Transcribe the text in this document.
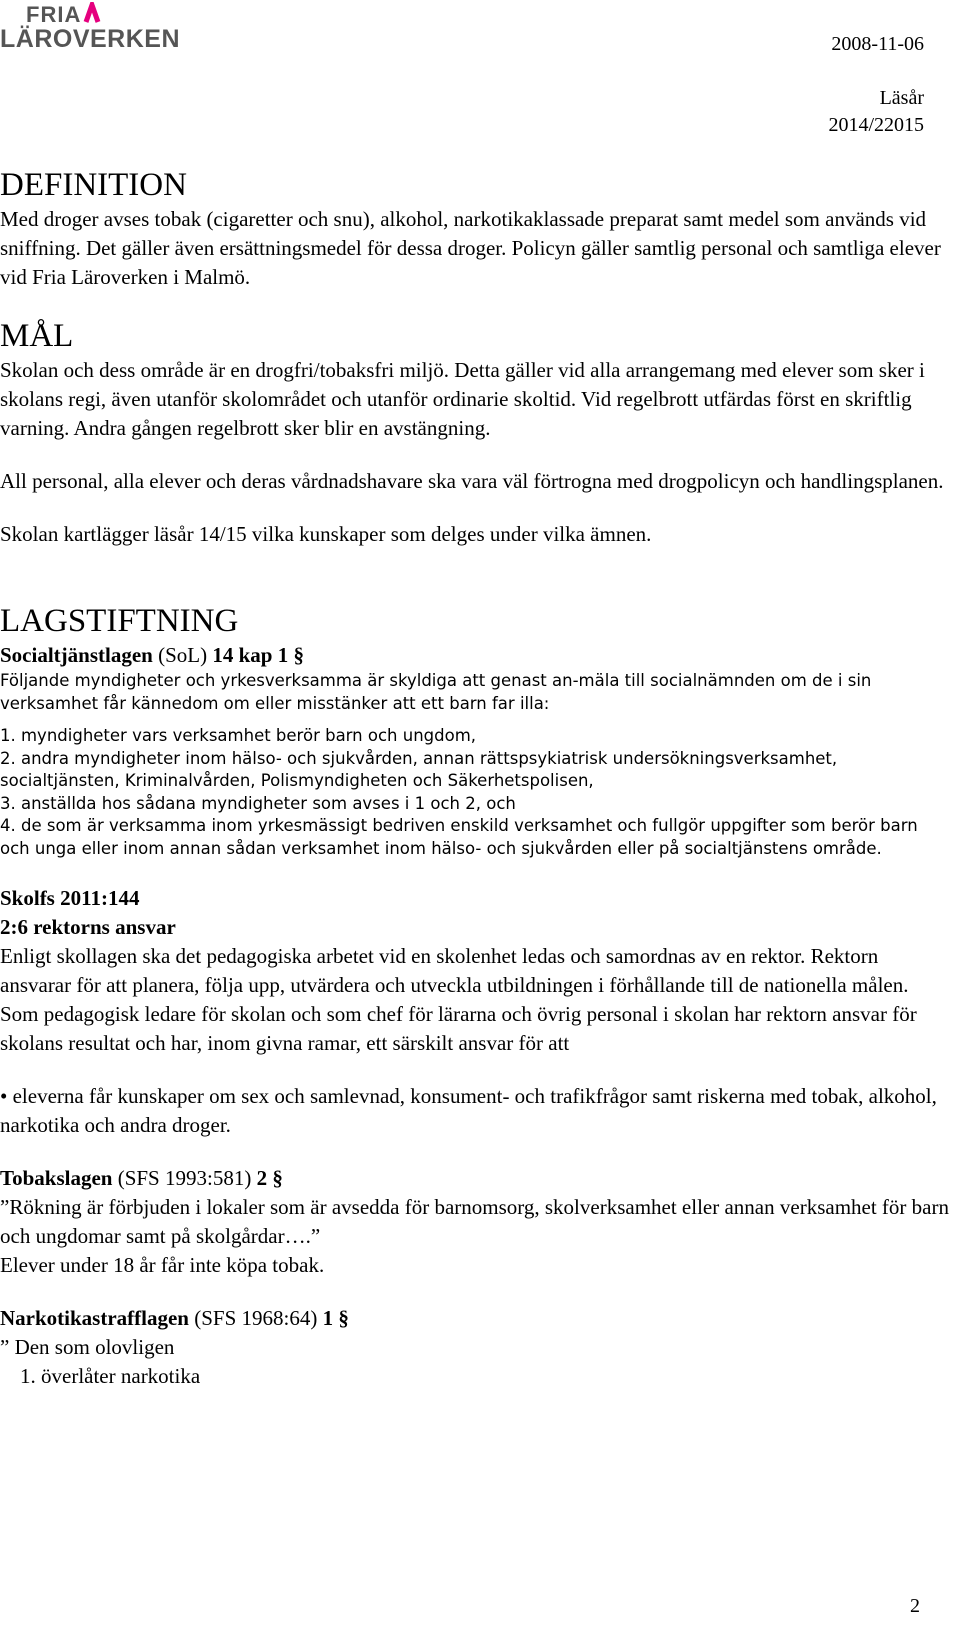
FRIA
LÄROVERKEN	2008-11-06
Läsår
2014/22015
DEFINITION

Med droger avses tobak (cigaretter och snu), alkohol, narkotikaklassade preparat samt medel som används vid sniffning. Det gäller även ersättningsmedel för dessa droger. Policyn gäller samtlig personal och samtliga elever vid Fria Läroverken i Malmö.

MÅL

Skolan och dess område är en drogfri/tobaksfri miljö. Detta gäller vid alla arrangemang med elever som sker i skolans regi, även utanför skolområdet och utanför ordinarie skoltid. Vid regelbrott utfärdas först en skriftlig varning. Andra gången regelbrott sker blir en avstängning.

All personal, alla elever och deras vårdnadshavare ska vara väl förtrogna med drogpolicyn och handlingsplanen.

Skolan kartlägger läsår 14/15 vilka kunskaper som delges under vilka ämnen.

LAGSTIFTNING

Socialtjänstlagen (SoL) 14 kap 1 §

Följande myndigheter och yrkesverksamma är skyldiga att genast an-mäla till socialnämnden om de i sin verksamhet får kännedom om eller misstänker att ett barn far illa:

1. myndigheter vars verksamhet berör barn och ungdom,

2. andra myndigheter inom hälso- och sjukvården, annan rättspsykiatrisk undersökningsverksamhet, socialtjänsten, Kriminalvården, Polismyndigheten och Säkerhetspolisen,

3. anställda hos sådana myndigheter som avses i 1 och 2, och

4. de som är verksamma inom yrkesmässigt bedriven enskild verksamhet och fullgör uppgifter som berör barn och unga eller inom annan sådan verksamhet inom hälso- och sjukvården eller på socialtjänstens område.

Skolfs 2011:144

2:6 rektorns ansvar

Enligt skollagen ska det pedagogiska arbetet vid en skolenhet ledas och samordnas av en rektor. Rektorn ansvarar för att planera, följa upp, utvärdera och utveckla utbildningen i förhållande till de nationella målen. Som pedagogisk ledare för skolan och som chef för lärarna och övrig personal i skolan har rektorn ansvar för skolans resultat och har, inom givna ramar, ett särskilt ansvar för att

• eleverna får kunskaper om sex och samlevnad, konsument- och trafikfrågor samt riskerna med tobak, alkohol, narkotika och andra droger.

Tobakslagen (SFS 1993:581) 2 §

”Rökning är förbjuden i lokaler som är avsedda för barnomsorg, skolverksamhet eller annan verksamhet för barn och ungdomar samt på skolgårdar….”

Elever under 18 år får inte köpa tobak.

Narkotikastrafflagen (SFS 1968:64) 1 §

” Den som olovligen

1. överlåter narkotika

2
